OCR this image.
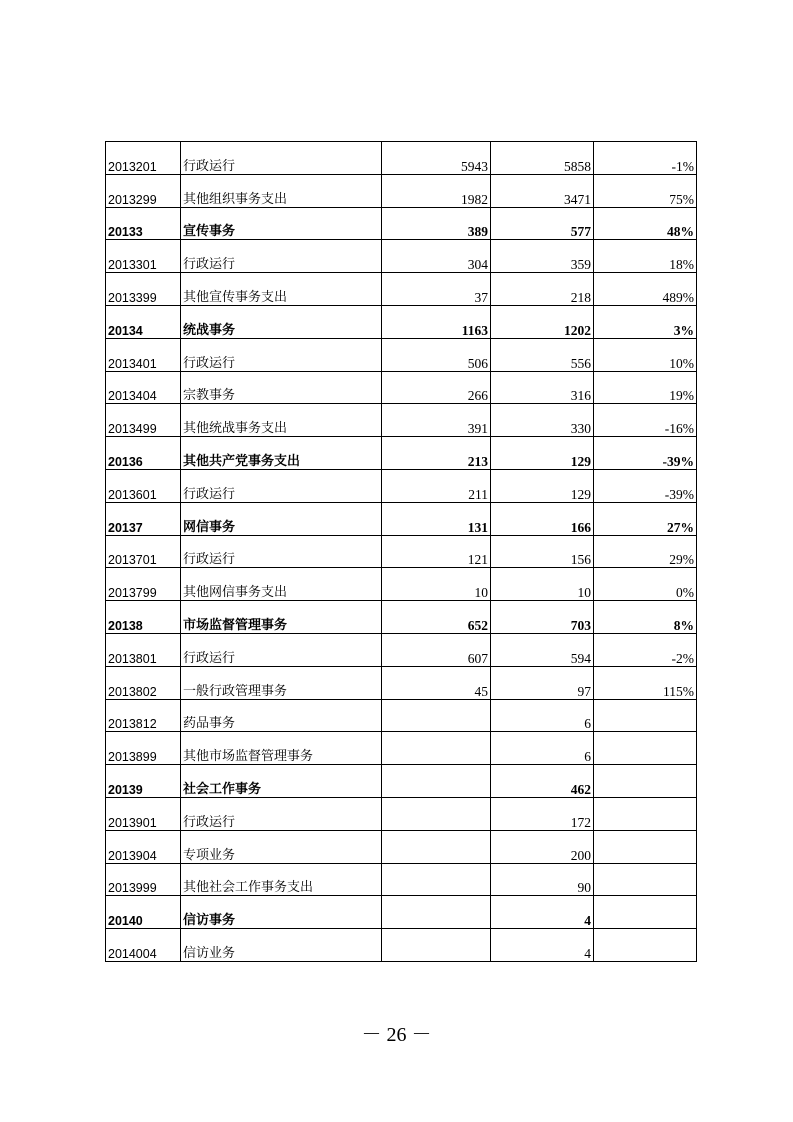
2013201	行政运行	5943	5858	-1%
2013299	其他组织事务支出	1982	3471	75%
20133	宣传事务	389	577	48%
2013301	行政运行	304	359	18%
2013399	其他宣传事务支出	37	218	489%
20134	统战事务	1163	1202	3%
2013401	行政运行	506	556	10%
2013404	宗教事务	266	316	19%
2013499	其他统战事务支出	391	330	-16%
20136	其他共产党事务支出	213	129	-39%
2013601	行政运行	211	129	-39%
20137	网信事务	131	166	27%
2013701	行政运行	121	156	29%
2013799	其他网信事务支出	10	10	0%
20138	市场监督管理事务	652	703	8%
2013801	行政运行	607	594	-2%
2013802	一般行政管理事务	45	97	115%
2013812	药品事务		6	
2013899	其他市场监督管理事务		6	
20139	社会工作事务		462	
2013901	行政运行		172	
2013904	专项业务		200	
2013999	其他社会工作事务支出		90	
20140	信访事务		4	
2014004	信访业务		4	
－ 26 －
